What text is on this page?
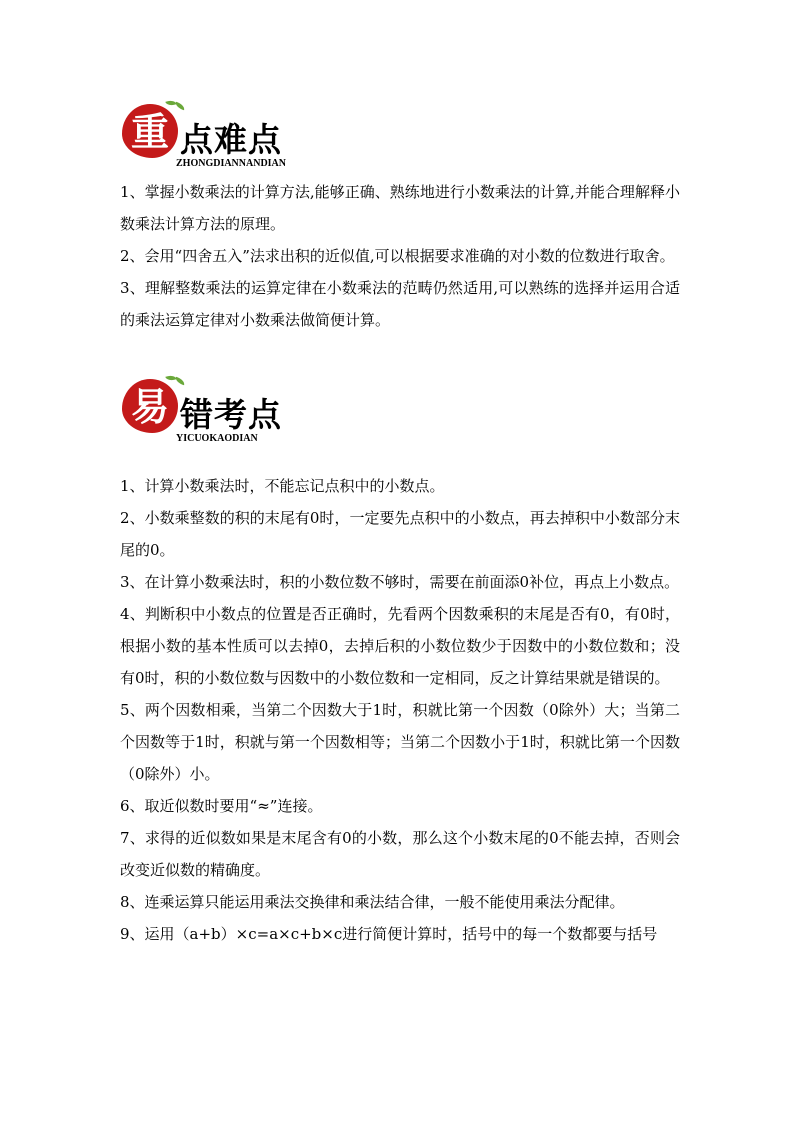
重 点难点
ZHONGDIANNANDIAN

1、掌握小数乘法的计算方法,能够正确、熟练地进行小数乘法的计算,并能合理解释小数乘法计算方法的原理。

2、会用“四舍五入”法求出积的近似值,可以根据要求准确的对小数的位数进行取舍。

3、理解整数乘法的运算定律在小数乘法的范畴仍然适用,可以熟练的选择并运用合适的乘法运算定律对小数乘法做简便计算。

易 错考点
YICUOKAODIAN

1、计算小数乘法时，不能忘记点积中的小数点。

2、小数乘整数的积的末尾有0时，一定要先点积中的小数点，再去掉积中小数部分末尾的0。

3、在计算小数乘法时，积的小数位数不够时，需要在前面添0补位，再点上小数点。

4、判断积中小数点的位置是否正确时，先看两个因数乘积的末尾是否有0，有0时，根据小数的基本性质可以去掉0，去掉后积的小数位数少于因数中的小数位数和；没有0时，积的小数位数与因数中的小数位数和一定相同，反之计算结果就是错误的。

5、两个因数相乘，当第二个因数大于1时，积就比第一个因数（0除外）大；当第二个因数等于1时，积就与第一个因数相等；当第二个因数小于1时，积就比第一个因数（0除外）小。

6、取近似数时要用“≈”连接。

7、求得的近似数如果是末尾含有0的小数，那么这个小数末尾的0不能去掉，否则会改变近似数的精确度。

8、连乘运算只能运用乘法交换律和乘法结合律，一般不能使用乘法分配律。

9、运用（a+b）×c=a×c+b×c进行简便计算时，括号中的每一个数都要与括号
